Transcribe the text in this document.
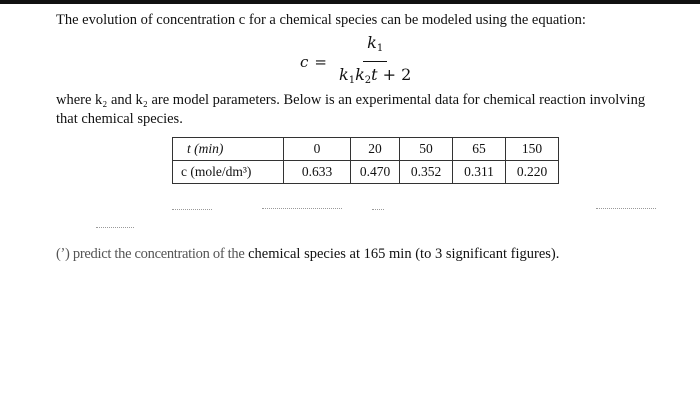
The evolution of concentration c for a chemical species can be modeled using the equation:
$c = \frac{k_1}{k_1k_2t + 2}$
where k₂ and k₂ are model parameters. Below is an experimental data for chemical reaction involving that chemical species.
t (min)	0	20	50	65	150
c (mole/dm³)	0.633	0.470	0.352	0.311	0.220
(ʼ) predict the concentration of the chemical species at 165 min (to 3 significant figures).
